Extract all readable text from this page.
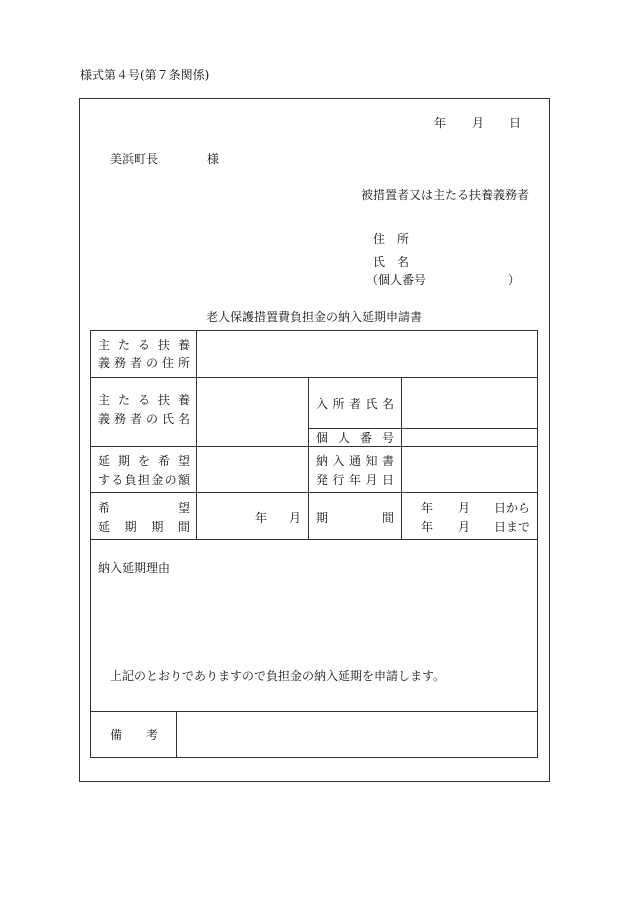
様式第４号(第７条関係)
年 月 日
美浜町長	様
被措置者又は主たる扶養義務者
住　所
氏　名
（個人番号	）
老人保護措置費負担金の納入延期申請書
主たる扶養
義務者の住所
主たる扶養
義務者の氏名
入所者氏名
個人番号
延期を希望
する負担金の額
納入通知書
発行年月日
希　望
延期期間
年 月 期　間
年 月 日から
年 月 日まで
納入延期理由
上記のとおりでありますので負担金の納入延期を申請します。
備　考
